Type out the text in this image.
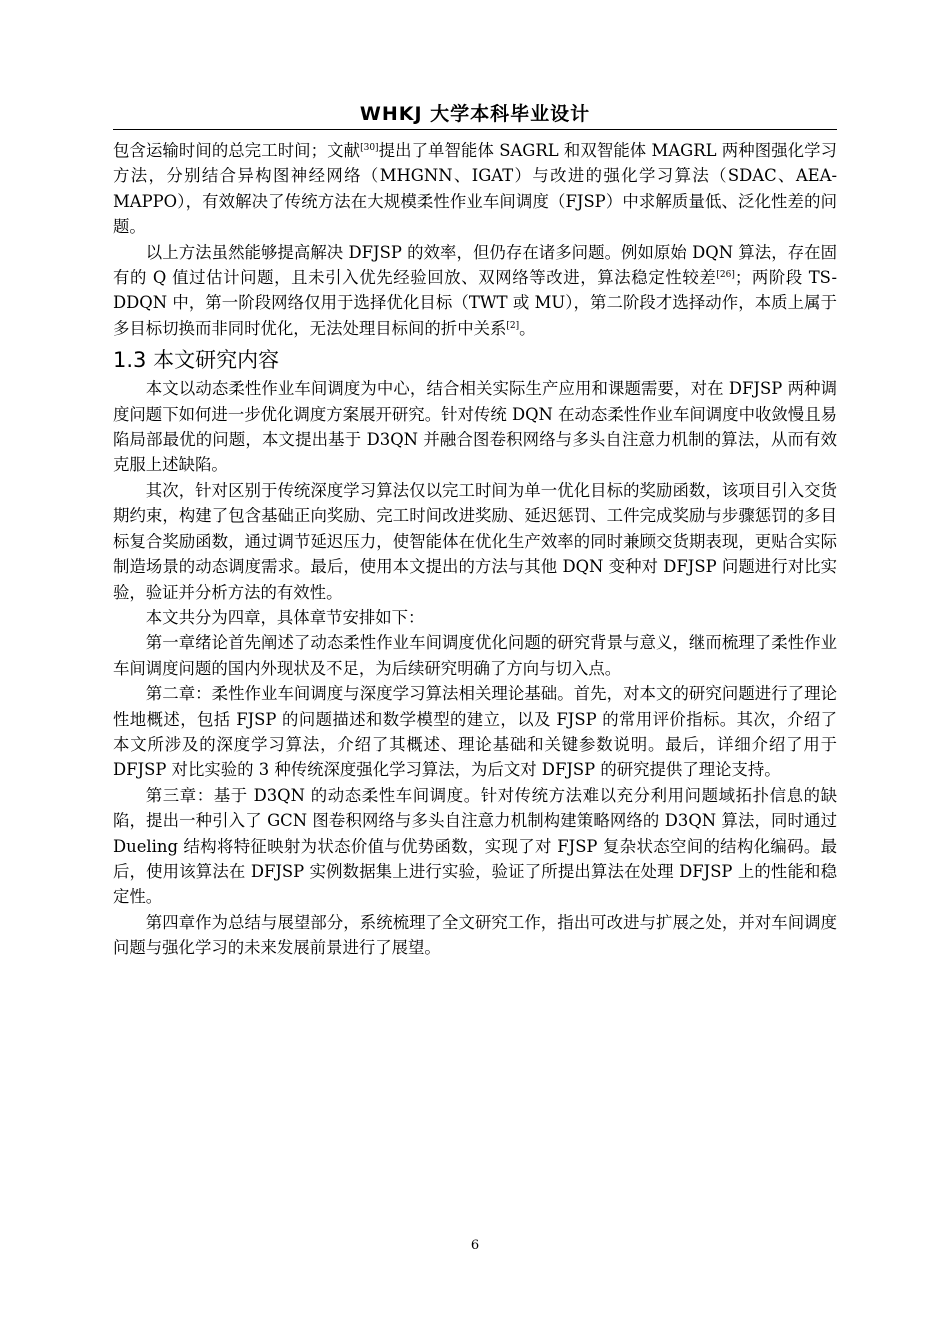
WHKJ 大学本科毕业设计

包含运输时间的总完工时间；文献[30]提出了单智能体 SAGRL 和双智能体 MAGRL 两种图强化学习方法，分别结合异构图神经网络（MHGNN、IGAT）与改进的强化学习算法（SDAC、AEA-MAPPO），有效解决了传统方法在大规模柔性作业车间调度（FJSP）中求解质量低、泛化性差的问题。

以上方法虽然能够提高解决 DFJSP 的效率，但仍存在诸多问题。例如原始 DQN 算法，存在固有的 Q 值过估计问题，且未引入优先经验回放、双网络等改进，算法稳定性较差[26]；两阶段 TS-DDQN 中，第一阶段网络仅用于选择优化目标（TWT 或 MU），第二阶段才选择动作，本质上属于多目标切换而非同时优化，无法处理目标间的折中关系[2]。

1.3 本文研究内容

本文以动态柔性作业车间调度为中心，结合相关实际生产应用和课题需要，对在 DFJSP 两种调度问题下如何进一步优化调度方案展开研究。针对传统 DQN 在动态柔性作业车间调度中收敛慢且易陷局部最优的问题，本文提出基于 D3QN 并融合图卷积网络与多头自注意力机制的算法，从而有效克服上述缺陷。

其次，针对区别于传统深度学习算法仅以完工时间为单一优化目标的奖励函数，该项目引入交货期约束，构建了包含基础正向奖励、完工时间改进奖励、延迟惩罚、工件完成奖励与步骤惩罚的多目标复合奖励函数，通过调节延迟压力，使智能体在优化生产效率的同时兼顾交货期表现，更贴合实际制造场景的动态调度需求。最后，使用本文提出的方法与其他 DQN 变种对 DFJSP 问题进行对比实验，验证并分析方法的有效性。

本文共分为四章，具体章节安排如下：

第一章绪论首先阐述了动态柔性作业车间调度优化问题的研究背景与意义，继而梳理了柔性作业车间调度问题的国内外现状及不足，为后续研究明确了方向与切入点。

第二章：柔性作业车间调度与深度学习算法相关理论基础。首先，对本文的研究问题进行了理论性地概述，包括 FJSP 的问题描述和数学模型的建立，以及 FJSP 的常用评价指标。其次，介绍了本文所涉及的深度学习算法，介绍了其概述、理论基础和关键参数说明。最后，详细介绍了用于 DFJSP 对比实验的 3 种传统深度强化学习算法，为后文对 DFJSP 的研究提供了理论支持。

第三章：基于 D3QN 的动态柔性车间调度。针对传统方法难以充分利用问题域拓扑信息的缺陷，提出一种引入了 GCN 图卷积网络与多头自注意力机制构建策略网络的 D3QN 算法，同时通过 Dueling 结构将特征映射为状态价值与优势函数，实现了对 FJSP 复杂状态空间的结构化编码。最后，使用该算法在 DFJSP 实例数据集上进行实验，验证了所提出算法在处理 DFJSP 上的性能和稳定性。

第四章作为总结与展望部分，系统梳理了全文研究工作，指出可改进与扩展之处，并对车间调度问题与强化学习的未来发展前景进行了展望。

6
